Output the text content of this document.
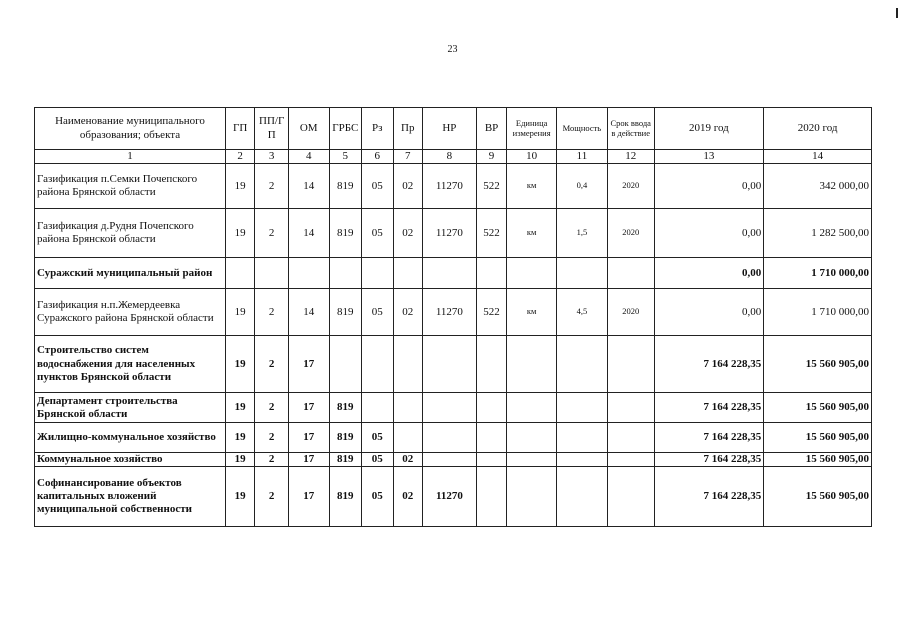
23
Наименование муниципального образования; объекта	ГП	ПП/Г П	ОМ	ГРБС	Рз	Пр	НР	ВР	Единица измерения	Мощность	Срок ввода в действие	2019 год	2020 год
1	2	3	4	5	6	7	8	9	10	11	12	13	14
Газификация п.Семки Почепского района Брянской области	19	2	14	819	05	02	11270	522	км	0,4	2020	0,00	342 000,00
Газификация д.Рудня Почепского района Брянской области	19	2	14	819	05	02	11270	522	км	1,5	2020	0,00	1 282 500,00
Суражский муниципальный район												0,00	1 710 000,00
Газификация н.п.Жемердеевка Суражского района Брянской области	19	2	14	819	05	02	11270	522	км	4,5	2020	0,00	1 710 000,00
Строительство систем водоснабжения для населенных пунктов Брянской области	19	2	17									7 164 228,35	15 560 905,00
Департамент строительства Брянской области	19	2	17	819								7 164 228,35	15 560 905,00
Жилищно-коммунальное хозяйство	19	2	17	819	05							7 164 228,35	15 560 905,00
Коммунальное хозяйство	19	2	17	819	05	02						7 164 228,35	15 560 905,00
Софинансирование объектов капитальных вложений муниципальной собственности	19	2	17	819	05	02	11270					7 164 228,35	15 560 905,00
